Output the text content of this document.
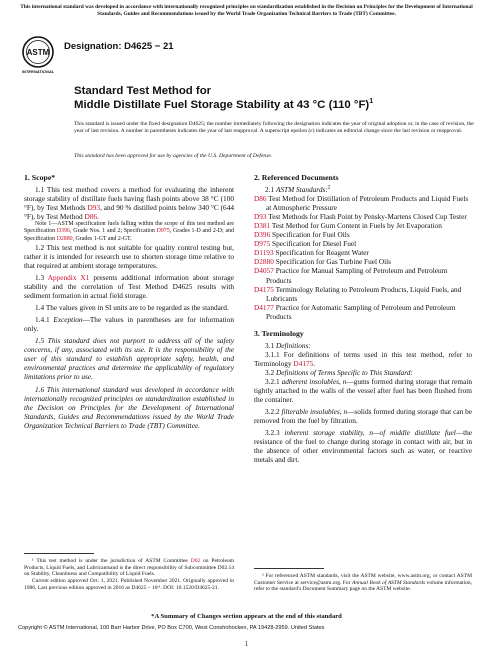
This international standard was developed in accordance with internationally recognized principles on standardization established in the Decision on Principles for the Development of International Standards, Guides and Recommendations issued by the World Trade Organization Technical Barriers to Trade (TBT) Committee.

ASTM
INTERNATIONAL

Designation: D4625 − 21

Standard Test Method for
Middle Distillate Fuel Storage Stability at 43 °C (110 °F)$^1$

This standard is issued under the fixed designation D4625; the number immediately following the designation indicates the year of original adoption or, in the case of revision, the year of last revision. A number in parentheses indicates the year of last reapproval. A superscript epsilon (ε) indicates an editorial change since the last revision or reapproval.

This standard has been approved for use by agencies of the U.S. Department of Defense.

1. Scope*

1.1 This test method covers a method for evaluating the inherent storage stability of distillate fuels having flash points above 38 °C (100 °F), by Test Methods D93, and 90 % distilled points below 340 °C (644 °F), by Test Method D86.

Note 1—ASTM specification fuels falling within the scope of this test method are Specification D396, Grade Nos. 1 and 2; Specification D975, Grades 1-D and 2-D; and Specification D2880, Grades 1-GT and 2-GT.

1.2 This test method is not suitable for quality control testing but, rather it is intended for research use to shorten storage time relative to that required at ambient storage temperatures.

1.3 Appendix X1 presents additional information about storage stability and the correlation of Test Method D4625 results with sediment formation in actual field storage.

1.4 The values given in SI units are to be regarded as the standard.

1.4.1 Exception—The values in parentheses are for information only.

1.5 This standard does not purport to address all of the safety concerns, if any, associated with its use. It is the responsibility of the user of this standard to establish appropriate safety, health, and environmental practices and determine the applicability of regulatory limitations prior to use.

1.6 This international standard was developed in accordance with internationally recognized principles on standardization established in the Decision on Principles for the Development of International Standards, Guides and Recommendations issued by the World Trade Organization Technical Barriers to Trade (TBT) Committee.

¹ This test method is under the jurisdiction of ASTM Committee D02 on Petroleum Products, Liquid Fuels, and Lubricantsand is the direct responsibility of Subcommittee D02.14 on Stability, Cleanliness and Compatibility of Liquid Fuels.

Current edition approved Oct. 1, 2021. Published November 2021. Originally approved in 1986. Last previous edition approved in 2016 as D4625 – 16ᵉ¹. DOI: 10.1520/D4625-21.

2. Referenced Documents

2.1 ASTM Standards:$^2$

D86 Test Method for Distillation of Petroleum Products and Liquid Fuels at Atmospheric Pressure
D93 Test Methods for Flash Point by Pensky-Martens Closed Cup Tester
D381 Test Method for Gum Content in Fuels by Jet Evaporation
D396 Specification for Fuel Oils
D975 Specification for Diesel Fuel
D1193 Specification for Reagent Water
D2880 Specification for Gas Turbine Fuel Oils
D4057 Practice for Manual Sampling of Petroleum and Petroleum Products
D4175 Terminology Relating to Petroleum Products, Liquid Fuels, and Lubricants
D4177 Practice for Automatic Sampling of Petroleum and Petroleum Products

3. Terminology

3.1 Definitions:

3.1.1 For definitions of terms used in this test method, refer to Terminology D4175.

3.2 Definitions of Terms Specific to This Standard:

3.2.1 adherent insolubles, n—gums formed during storage that remain tightly attached to the walls of the vessel after fuel has been flushed from the container.

3.2.2 filterable insolubles, n—solids formed during storage that can be removed from the fuel by filtration.

3.2.3 inherent storage stability, n—of middle distillate fuel—the resistance of the fuel to change during storage in contact with air, but in the absence of other environmental factors such as water, or reactive metals and dirt.

² For referenced ASTM standards, visit the ASTM website, www.astm.org, or contact ASTM Customer Service at service@astm.org. For Annual Book of ASTM Standards volume information, refer to the standard's Document Summary page on the ASTM website.

*A Summary of Changes section appears at the end of this standard

Copyright © ASTM International, 100 Barr Harbor Drive, PO Box C700, West Conshohocken, PA 19428-2959. United States

1
